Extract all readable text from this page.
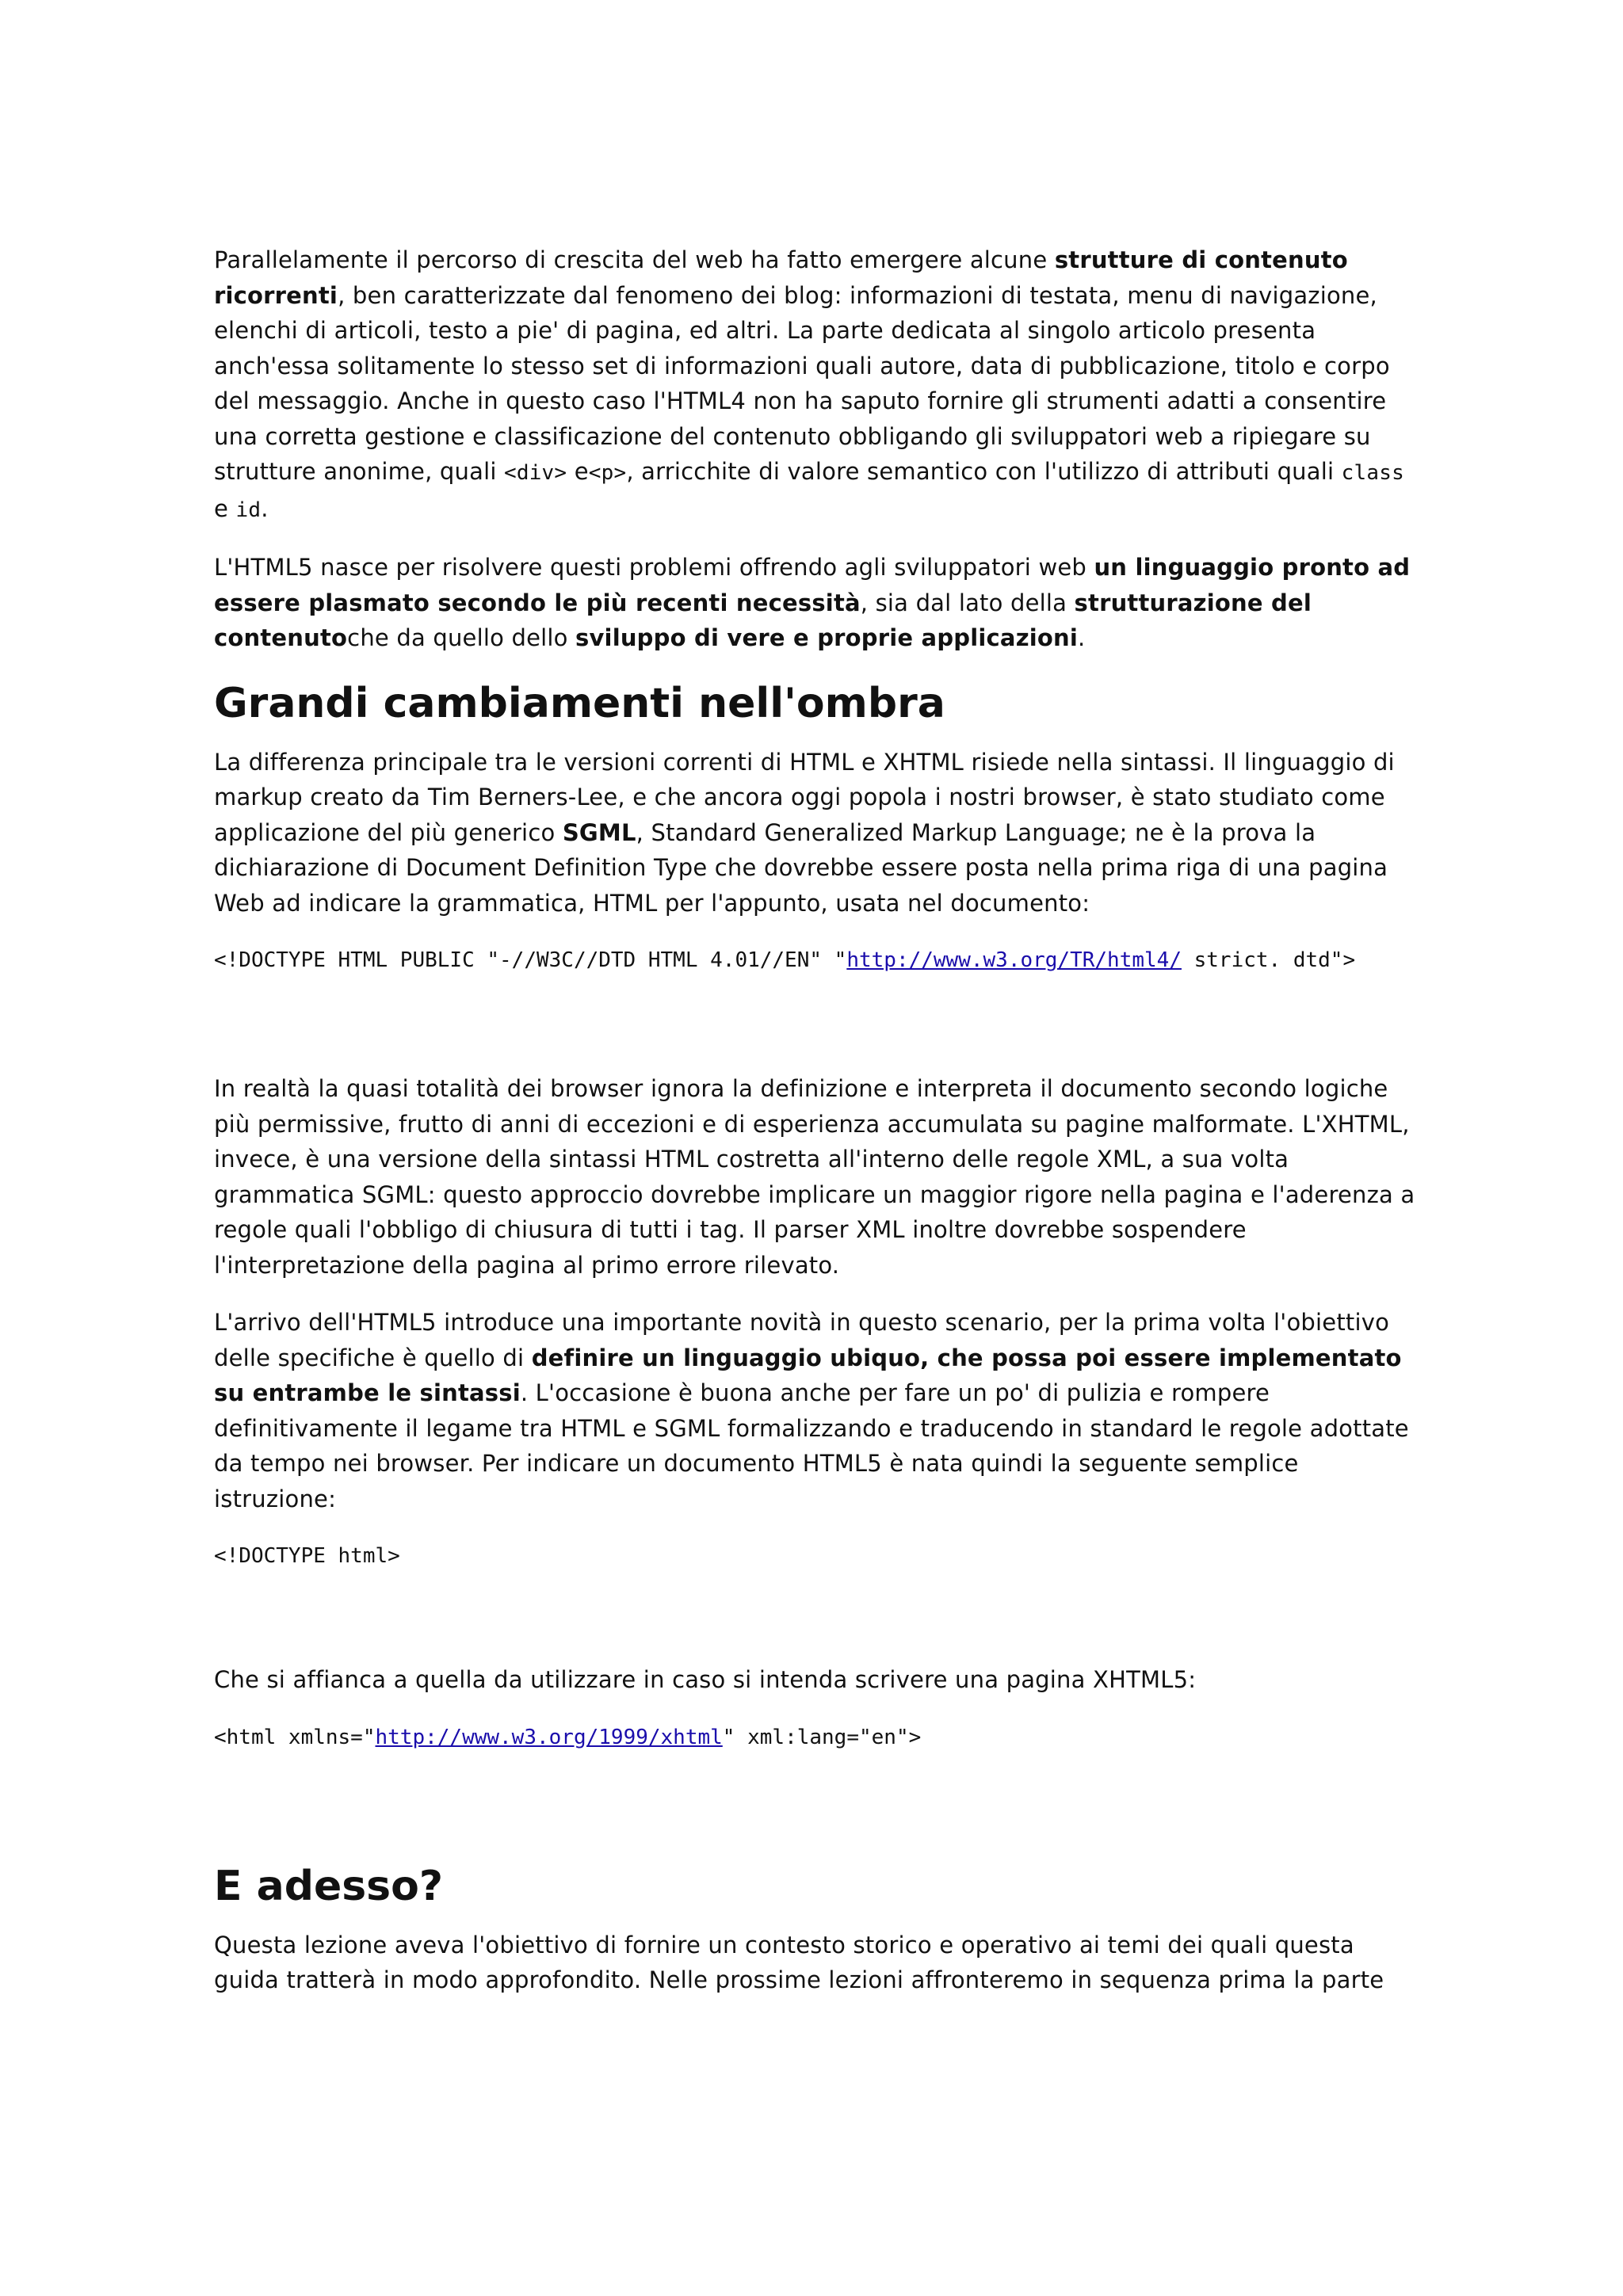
Parallelamente il percorso di crescita del web ha fatto emergere alcune strutture di contenuto ricorrenti, ben caratterizzate dal fenomeno dei blog: informazioni di testata, menu di navigazione, elenchi di articoli, testo a pie' di pagina, ed altri. La parte dedicata al singolo articolo presenta anch'essa solitamente lo stesso set di informazioni quali autore, data di pubblicazione, titolo e corpo del messaggio. Anche in questo caso l'HTML4 non ha saputo fornire gli strumenti adatti a consentire una corretta gestione e classificazione del contenuto obbligando gli sviluppatori web a ripiegare su strutture anonime, quali <div> e<p>, arricchite di valore semantico con l'utilizzo di attributi quali class e id.

L'HTML5 nasce per risolvere questi problemi offrendo agli sviluppatori web un linguaggio pronto ad essere plasmato secondo le più recenti necessità, sia dal lato della strutturazione del contenutoche da quello dello sviluppo di vere e proprie applicazioni.

Grandi cambiamenti nell'ombra

La differenza principale tra le versioni correnti di HTML e XHTML risiede nella sintassi. Il linguaggio di markup creato da Tim Berners-Lee, e che ancora oggi popola i nostri browser, è stato studiato come applicazione del più generico SGML, Standard Generalized Markup Language; ne è la prova la dichiarazione di Document Definition Type che dovrebbe essere posta nella prima riga di una pagina Web ad indicare la grammatica, HTML per l'appunto, usata nel documento:

<!DOCTYPE HTML PUBLIC "-//W3C//DTD HTML 4.01//EN" "http://www.w3.org/TR/html4/ strict. dtd">

In realtà la quasi totalità dei browser ignora la definizione e interpreta il documento secondo logiche più permissive, frutto di anni di eccezioni e di esperienza accumulata su pagine malformate. L'XHTML, invece, è una versione della sintassi HTML costretta all'interno delle regole XML, a sua volta grammatica SGML: questo approccio dovrebbe implicare un maggior rigore nella pagina e l'aderenza a regole quali l'obbligo di chiusura di tutti i tag. Il parser XML inoltre dovrebbe sospendere l'interpretazione della pagina al primo errore rilevato.

L'arrivo dell'HTML5 introduce una importante novità in questo scenario, per la prima volta l'obiettivo delle specifiche è quello di definire un linguaggio ubiquo, che possa poi essere implementato su entrambe le sintassi. L'occasione è buona anche per fare un po' di pulizia e rompere definitivamente il legame tra HTML e SGML formalizzando e traducendo in standard le regole adottate da tempo nei browser. Per indicare un documento HTML5 è nata quindi la seguente semplice istruzione:

<!DOCTYPE html>

Che si affianca a quella da utilizzare in caso si intenda scrivere una pagina XHTML5:

<html xmlns="http://www.w3.org/1999/xhtml" xml:lang="en">
E adesso?

Questa lezione aveva l'obiettivo di fornire un contesto storico e operativo ai temi dei quali questa guida tratterà in modo approfondito. Nelle prossime lezioni affronteremo in sequenza prima la parte
